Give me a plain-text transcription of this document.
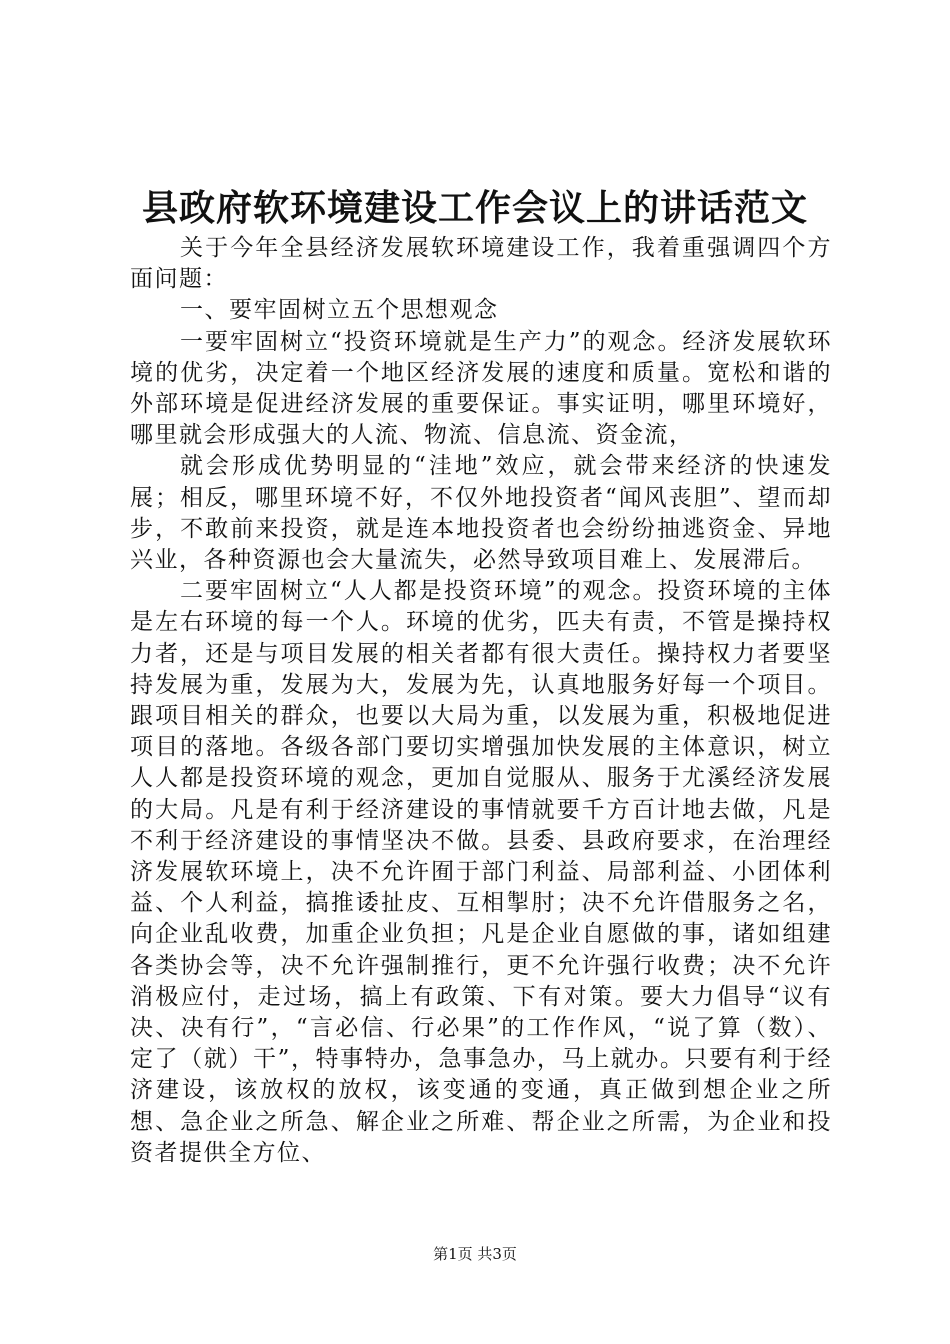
县政府软环境建设工作会议上的讲话范文

关于今年全县经济发展软环境建设工作，我着重强调四个方面问题：

一、要牢固树立五个思想观念

一要牢固树立“投资环境就是生产力”的观念。经济发展软环境的优劣，决定着一个地区经济发展的速度和质量。宽松和谐的外部环境是促进经济发展的重要保证。事实证明，哪里环境好，哪里就会形成强大的人流、物流、信息流、资金流，

就会形成优势明显的“洼地”效应，就会带来经济的快速发展；相反，哪里环境不好，不仅外地投资者“闻风丧胆”、望而却步，不敢前来投资，就是连本地投资者也会纷纷抽逃资金、异地兴业，各种资源也会大量流失，必然导致项目难上、发展滞后。

二要牢固树立“人人都是投资环境”的观念。投资环境的主体是左右环境的每一个人。环境的优劣，匹夫有责，不管是操持权力者，还是与项目发展的相关者都有很大责任。操持权力者要坚持发展为重，发展为大，发展为先，认真地服务好每一个项目。跟项目相关的群众，也要以大局为重，以发展为重，积极地促进项目的落地。各级各部门要切实增强加快发展的主体意识，树立人人都是投资环境的观念，更加自觉服从、服务于尤溪经济发展的大局。凡是有利于经济建设的事情就要千方百计地去做，凡是不利于经济建设的事情坚决不做。县委、县政府要求，在治理经济发展软环境上，决不允许囿于部门利益、局部利益、小团体利益、个人利益，搞推诿扯皮、互相掣肘；决不允许借服务之名，向企业乱收费，加重企业负担；凡是企业自愿做的事，诸如组建各类协会等，决不允许强制推行，更不允许强行收费；决不允许消极应付，走过场，搞上有政策、下有对策。要大力倡导“议有决、决有行”，“言必信、行必果”的工作作风，“说了算（数）、定了（就）干”，特事特办，急事急办，马上就办。只要有利于经济建设，该放权的放权，该变通的变通，真正做到想企业之所想、急企业之所急、解企业之所难、帮企业之所需，为企业和投资者提供全方位、

第1页 共3页
